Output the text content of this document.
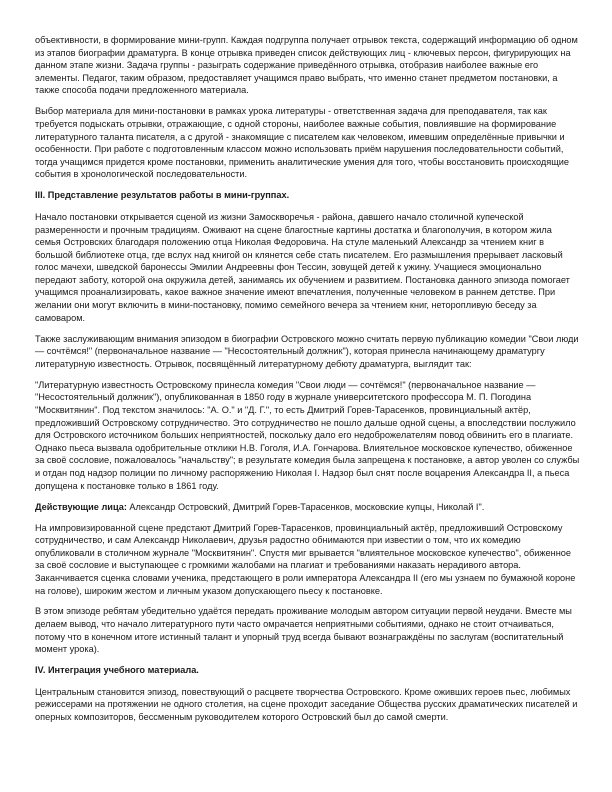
объективности, в формирование мини-групп. Каждая подгруппа получает отрывок текста, содержащий информацию об одном из этапов биографии драматурга. В конце отрывка приведен список действующих лиц - ключевых персон, фигурирующих на данном этапе жизни. Задача группы - разыграть содержание приведённого отрывка, отобразив наиболее важные его элементы. Педагог, таким образом, предоставляет учащимся право выбрать, что именно станет предметом постановки, а также способа подачи предложенного материала.

Выбор материала для мини-постановки в рамках урока литературы - ответственная задача для преподавателя, так как требуется подыскать отрывки, отражающие, с одной стороны, наиболее важные события, повлиявшие на формирование литературного таланта писателя, а с другой - знакомящие с писателем как человеком, имевшим определённые привычки и особенности. При работе с подготовленным классом можно использовать приём нарушения последовательности событий, тогда учащимся придется кроме постановки, применить аналитические умения для того, чтобы восстановить происходящие события в хронологической последовательности.

III. Представление результатов работы в мини-группах.

Начало постановки открывается сценой из жизни Замоскворечья - района, давшего начало столичной купеческой размеренности и прочным традициям. Оживают на сцене благостные картины достатка и благополучия, в котором жила семья Островских благодаря положению отца Николая Федоровича. На стуле маленький Александр за чтением книг в большой библиотеке отца, где вслух над книгой он клянется себе стать писателем. Его размышления прерывает ласковый голос мачехи, шведской баронессы Эмилии Андреевны фон Тессин, зовущей детей к ужину. Учащиеся эмоционально передают заботу, которой она окружила детей, занимаясь их обучением и развитием. Постановка данного эпизода помогает учащимся проанализировать, какое важное значение имеют впечатления, полученные человеком в раннем детстве. При желании они могут включить в мини-постановку, помимо семейного вечера за чтением книг, неторопливую беседу за самоваром.

Также заслуживающим внимания эпизодом в биографии Островского можно считать первую публикацию комедии "Свои люди — сочтёмся!" (первоначальное название — "Несостоятельный должник"), которая принесла начинающему драматургу литературную известность. Отрывок, посвящённый литературному дебюту драматурга, выглядит так:

"Литературную известность Островскому принесла комедия "Свои люди — сочтёмся!" (первоначальное название — "Несостоятельный должник"), опубликованная в 1850 году в журнале университетского профессора М. П. Погодина "Москвитянин". Под текстом значилось: "А. О." и "Д. Г.", то есть Дмитрий Горев-Тарасенков, провинциальный актёр, предложивший Островскому сотрудничество. Это сотрудничество не пошло дальше одной сцены, а впоследствии послужило для Островского источником больших неприятностей, поскольку дало его недоброжелателям повод обвинить его в плагиате. Однако пьеса вызвала одобрительные отклики Н.В. Гоголя, И.А. Гончарова. Влиятельное московское купечество, обиженное за своё сословие, пожаловалось "начальству"; в результате комедия была запрещена к постановке, а автор уволен со службы и отдан под надзор полиции по личному распоряжению Николая I. Надзор был снят после воцарения Александра II, а пьеса допущена к постановке только в 1861 году.

Действующие лица: Александр Островский, Дмитрий Горев-Тарасенков, московские купцы, Николай I".

На импровизированной сцене предстают Дмитрий Горев-Тарасенков, провинциальный актёр, предложивший Островскому сотрудничество, и сам Александр Николаевич, друзья радостно обнимаются при известии о том, что их комедию опубликовали в столичном журнале "Москвитянин". Спустя миг врывается "влиятельное московское купечество", обиженное за своё сословие и выступающее с громкими жалобами на плагиат и требованиями наказать нерадивого автора. Заканчивается сценка словами ученика, предстающего в роли императора Александра II (его мы узнаем по бумажной короне на голове), широким жестом и личным указом допускающего пьесу к постановке.

В этом эпизоде ребятам убедительно удаётся передать проживание молодым автором ситуации первой неудачи. Вместе мы делаем вывод, что начало литературного пути часто омрачается неприятными событиями, однако не стоит отчаиваться, потому что в конечном итоге истинный талант и упорный труд всегда бывают вознаграждёны по заслугам (воспитательный момент урока).

IV. Интеграция учебного материала.

Центральным становится эпизод, повествующий о расцвете творчества Островского. Кроме оживших героев пьес, любимых режиссерами на протяжении не одного столетия, на сцене проходит заседание Общества русских драматических писателей и оперных композиторов, бессменным руководителем которого Островский был до самой смерти.
